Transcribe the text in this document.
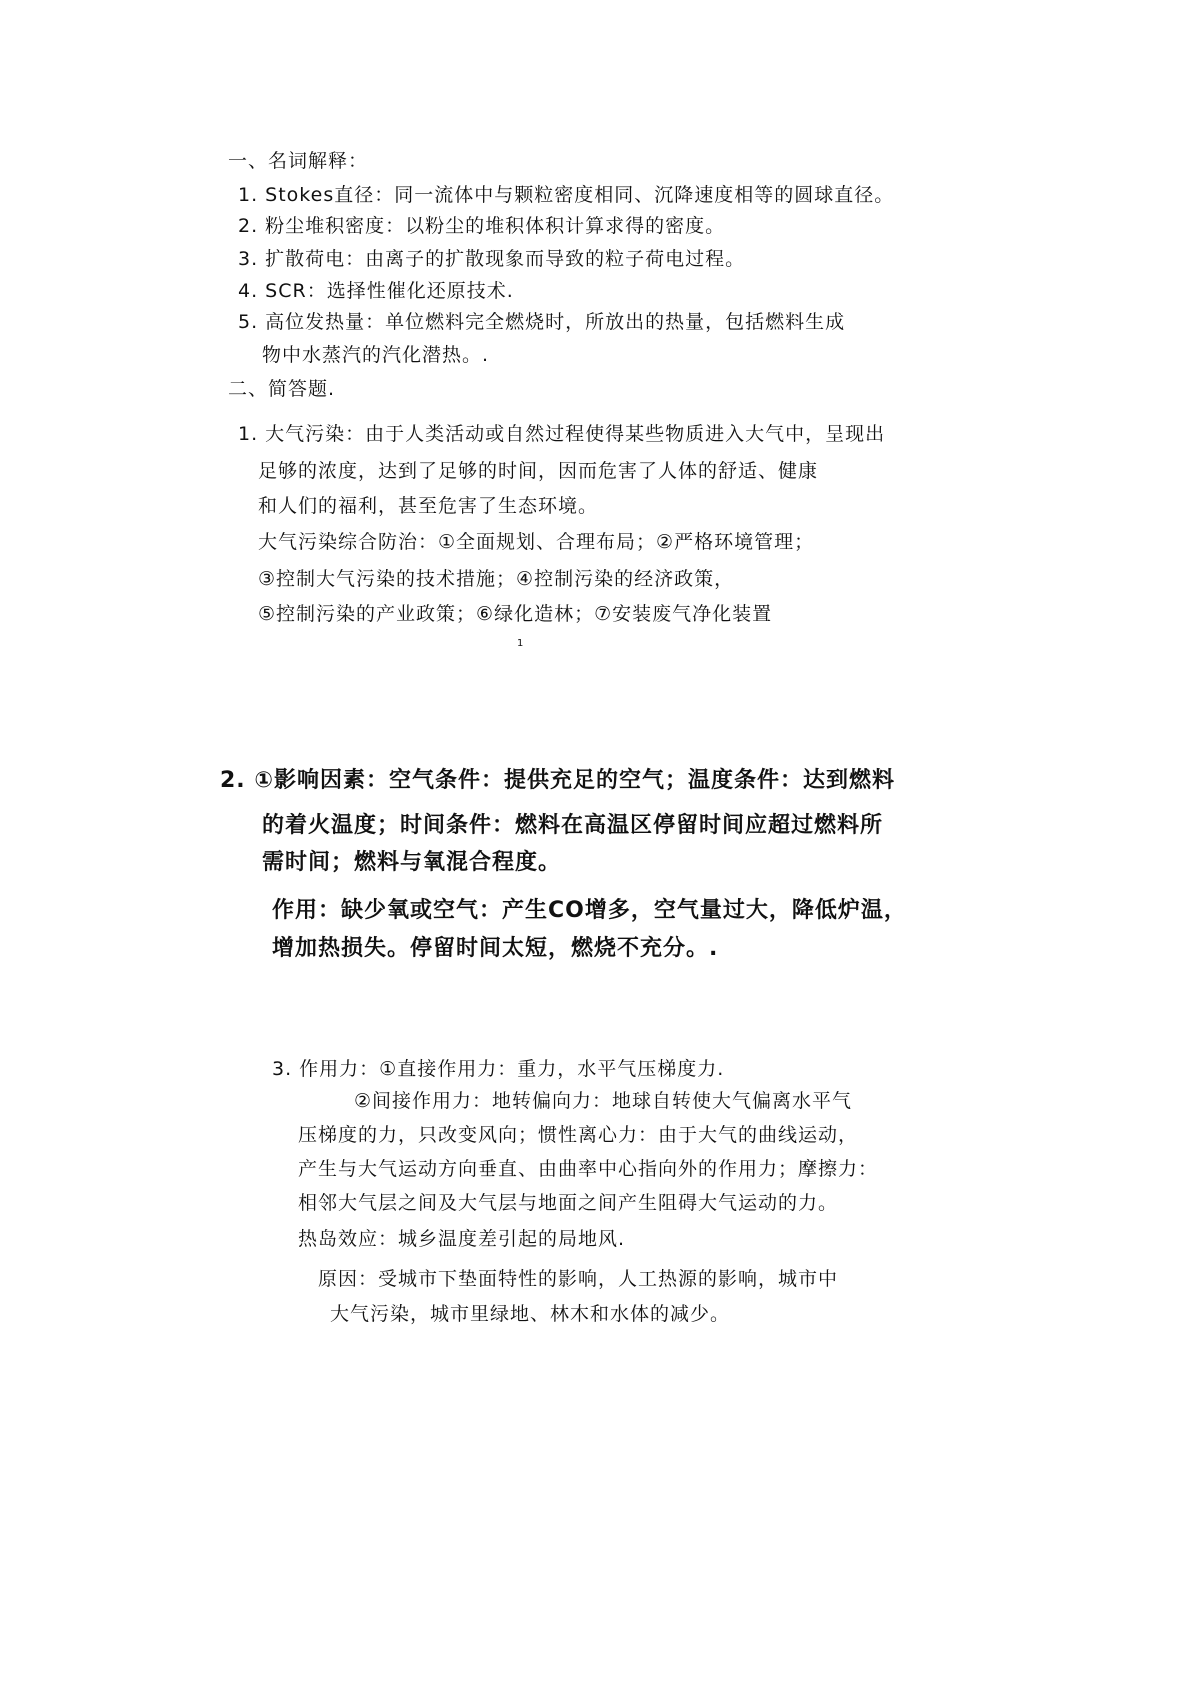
一、名词解释：
1. Stokes直径：同一流体中与颗粒密度相同、沉降速度相等的圆球直径。
2. 粉尘堆积密度：以粉尘的堆积体积计算求得的密度。
3. 扩散荷电：由离子的扩散现象而导致的粒子荷电过程。
4. SCR：选择性催化还原技术.
5. 高位发热量：单位燃料完全燃烧时，所放出的热量，包括燃料生成
物中水蒸汽的汽化潜热。.
二、简答题.
1. 大气污染：由于人类活动或自然过程使得某些物质进入大气中，呈现出
足够的浓度，达到了足够的时间，因而危害了人体的舒适、健康
和人们的福利，甚至危害了生态环境。
大气污染综合防治：①全面规划、合理布局；②严格环境管理；
③控制大气污染的技术措施；④控制污染的经济政策，
⑤控制污染的产业政策；⑥绿化造林；⑦安装废气净化装置
1
2. ①影响因素：空气条件：提供充足的空气；温度条件：达到燃料
的着火温度；时间条件：燃料在高温区停留时间应超过燃料所
需时间；燃料与氧混合程度。
作用：缺少氧或空气：产生CO增多，空气量过大，降低炉温，
增加热损失。停留时间太短，燃烧不充分。.
3. 作用力：①直接作用力：重力，水平气压梯度力.
②间接作用力：地转偏向力：地球自转使大气偏离水平气
压梯度的力，只改变风向；惯性离心力：由于大气的曲线运动，
产生与大气运动方向垂直、由曲率中心指向外的作用力；摩擦力：
相邻大气层之间及大气层与地面之间产生阻碍大气运动的力。
热岛效应：城乡温度差引起的局地风.
原因：受城市下垫面特性的影响，人工热源的影响，城市中
大气污染，城市里绿地、林木和水体的减少。
